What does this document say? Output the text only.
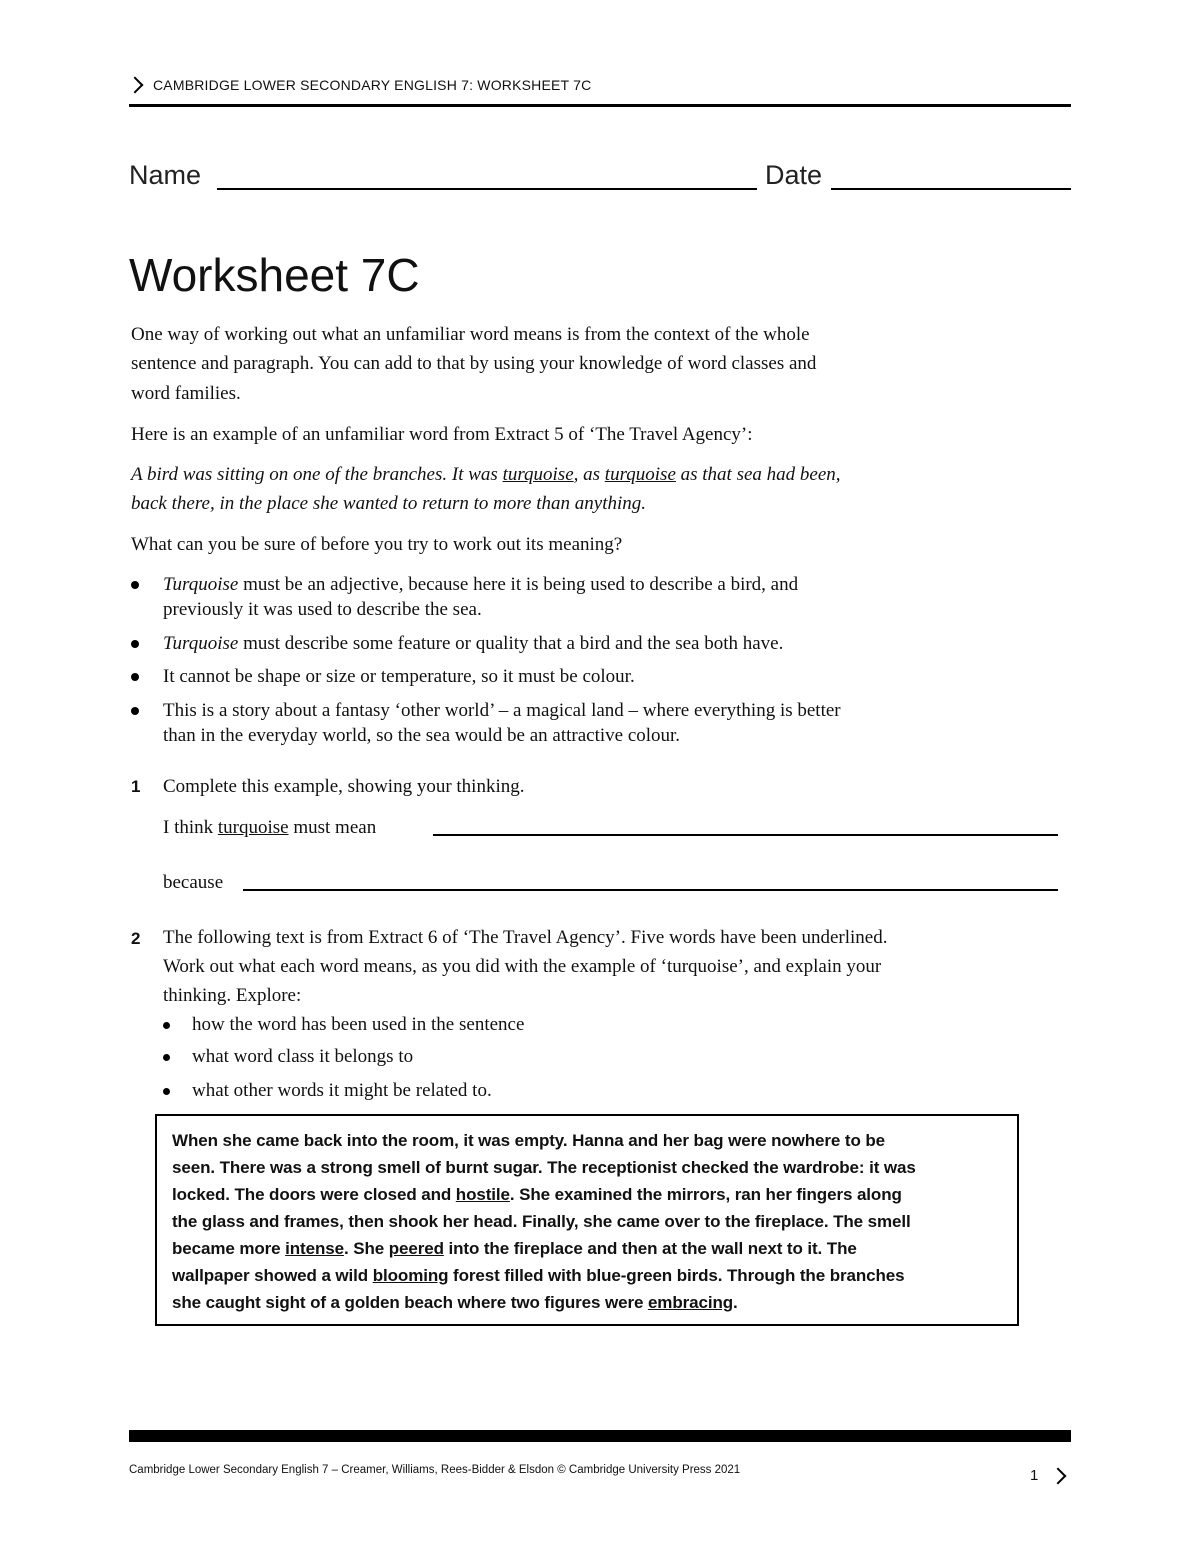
CAMBRIDGE LOWER SECONDARY ENGLISH 7: WORKSHEET 7C
Name	Date
Worksheet 7C
One way of working out what an unfamiliar word means is from the context of the whole
sentence and paragraph. You can add to that by using your knowledge of word classes and
word families.
Here is an example of an unfamiliar word from Extract 5 of ‘The Travel Agency’:
A bird was sitting on one of the branches. It was turquoise, as turquoise as that sea had been,
back there, in the place she wanted to return to more than anything.
What can you be sure of before you try to work out its meaning?
Turquoise must be an adjective, because here it is being used to describe a bird, and
previously it was used to describe the sea.
Turquoise must describe some feature or quality that a bird and the sea both have.
It cannot be shape or size or temperature, so it must be colour.
This is a story about a fantasy ‘other world’ – a magical land – where everything is better
than in the everyday world, so the sea would be an attractive colour.
1 Complete this example, showing your thinking.
I think turquoise must mean
because
2 The following text is from Extract 6 of ‘The Travel Agency’. Five words have been underlined.
Work out what each word means, as you did with the example of ‘turquoise’, and explain your
thinking. Explore:
how the word has been used in the sentence
what word class it belongs to
what other words it might be related to.
When she came back into the room, it was empty. Hanna and her bag were nowhere to be
seen. There was a strong smell of burnt sugar. The receptionist checked the wardrobe: it was
locked. The doors were closed and hostile. She examined the mirrors, ran her fingers along
the glass and frames, then shook her head. Finally, she came over to the fireplace. The smell
became more intense. She peered into the fireplace and then at the wall next to it. The
wallpaper showed a wild blooming forest filled with blue-green birds. Through the branches
she caught sight of a golden beach where two figures were embracing.
Cambridge Lower Secondary English 7 – Creamer, Williams, Rees-Bidder & Elsdon © Cambridge University Press 2021	1
